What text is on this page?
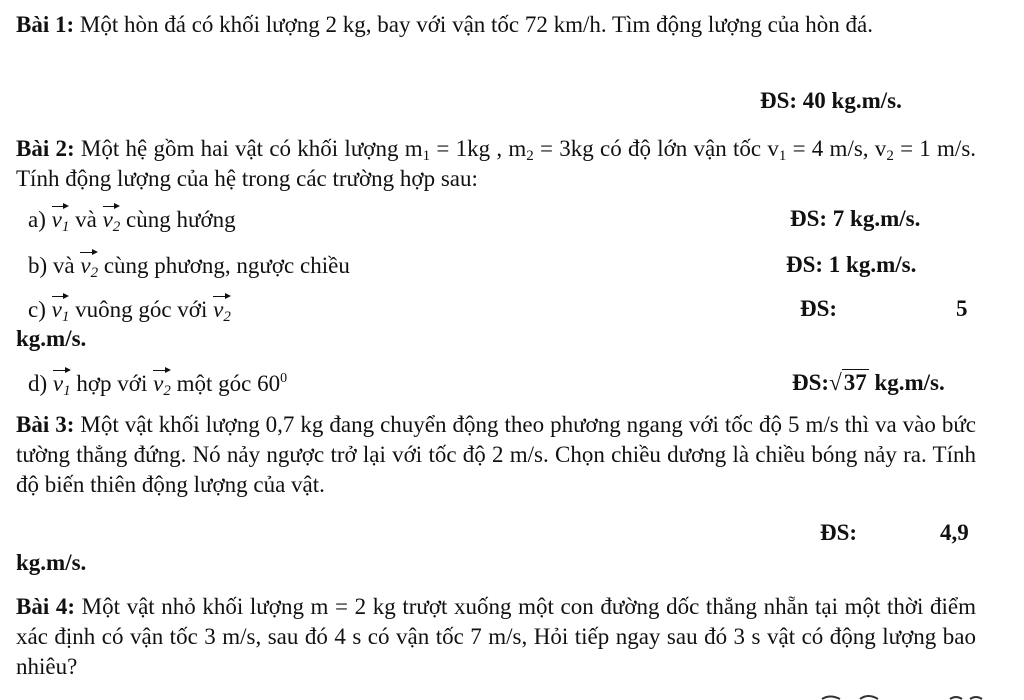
Bài 1: Một hòn đá có khối lượng 2 kg, bay với vận tốc 72 km/h. Tìm động lượng của hòn đá.
ĐS: 40 kg.m/s.
Bài 2: Một hệ gồm hai vật có khối lượng $m_1 = 1kg$ , $m_2 = 3kg$ có độ lớn vận tốc $v_1 = 4$ m/s, $v_2 = 1$ m/s. Tính động lượng của hệ trong các trường hợp sau:
a) $v_1$ và $v_2$ cùng hướng	ĐS: 7 kg.m/s.
b) và $v_2$ cùng phương, ngược chiều	ĐS: 1 kg.m/s.
c) $v_1$ vuông góc với $v_2$	ĐS:	5
kg.m/s.
d) $v_1$ hợp với $v_2$ một góc $60^0$	ĐS:√37 kg.m/s.
Bài 3: Một vật khối lượng 0,7 kg đang chuyển động theo phương ngang với tốc độ 5 m/s thì va vào bức tường thẳng đứng. Nó nảy ngược trở lại với tốc độ 2 m/s. Chọn chiều dương là chiều bóng nảy ra. Tính độ biến thiên động lượng của vật.
ĐS:	4,9
kg.m/s.
Bài 4: Một vật nhỏ khối lượng m = 2 kg trượt xuống một con đường dốc thẳng nhẵn tại một thời điểm xác định có vận tốc 3 m/s, sau đó 4 s có vận tốc 7 m/s, Hỏi tiếp ngay sau đó 3 s vật có động lượng bao nhiêu?
